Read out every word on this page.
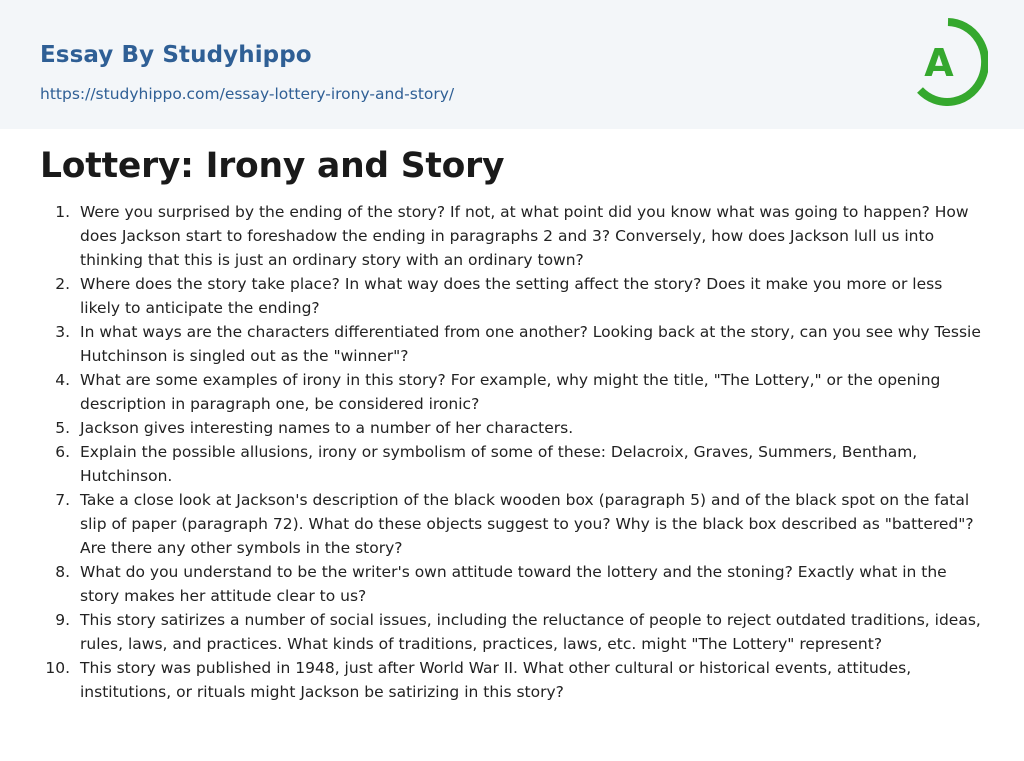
Essay By Studyhippo
https://studyhippo.com/essay-lottery-irony-and-story/
A
Lottery: Irony and Story
1. Were you surprised by the ending of the story? If not, at what point did you know what was going to happen? How does Jackson start to foreshadow the ending in paragraphs 2 and 3? Conversely, how does Jackson lull us into thinking that this is just an ordinary story with an ordinary town?
2. Where does the story take place? In what way does the setting affect the story? Does it make you more or less likely to anticipate the ending?
3. In what ways are the characters differentiated from one another? Looking back at the story, can you see why Tessie Hutchinson is singled out as the "winner"?
4. What are some examples of irony in this story? For example, why might the title, "The Lottery," or the opening description in paragraph one, be considered ironic?
5. Jackson gives interesting names to a number of her characters.
6. Explain the possible allusions, irony or symbolism of some of these: Delacroix, Graves, Summers, Bentham, Hutchinson.
7. Take a close look at Jackson's description of the black wooden box (paragraph 5) and of the black spot on the fatal slip of paper (paragraph 72). What do these objects suggest to you? Why is the black box described as "battered"? Are there any other symbols in the story?
8. What do you understand to be the writer's own attitude toward the lottery and the stoning? Exactly what in the story makes her attitude clear to us?
9. This story satirizes a number of social issues, including the reluctance of people to reject outdated traditions, ideas, rules, laws, and practices. What kinds of traditions, practices, laws, etc. might "The Lottery" represent?
10. This story was published in 1948, just after World War II. What other cultural or historical events, attitudes, institutions, or rituals might Jackson be satirizing in this story?
